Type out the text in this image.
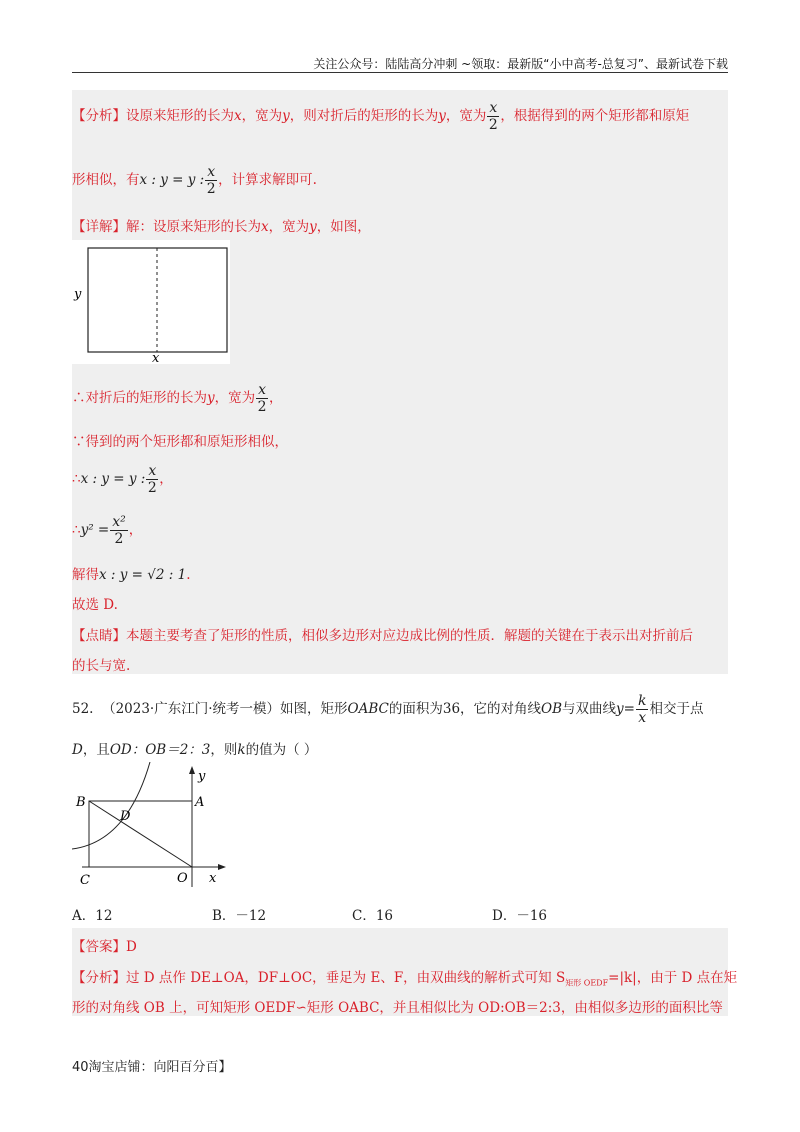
关注公众号：陆陆高分冲刺 ~领取：最新版“小中高考-总复习”、最新试卷下载
【分析】设原来矩形的长为x，宽为y，则对折后的矩形的长为y，宽为 $\frac{x}{2}$ ，根据得到的两个矩形都和原矩
形相似，有x : y = y : $\frac{x}{2}$ ，计算求解即可.
【详解】解：设原来矩形的长为x，宽为y，如图，
y
x
∴对折后的矩形的长为y，宽为 $\frac{x}{2}$ ，
∵得到的两个矩形都和原矩形相似，
∴x : y = y : $\frac{x}{2}$ ，
∴y² = $\frac{\text{x²}}{2}$ ，
解得x : y = √2 : 1.
故选 D.
【点睛】本题主要考查了矩形的性质，相似多边形对应边成比例的性质．解题的关键在于表示出对折前后
的长与宽.
52. （2023·广东江门·统考一模）如图，矩形OABC的面积为36，它的对角线OB与双曲线$y= \frac{k}{x}$ 相交于点
D，且OD：OB＝2：3，则k的值为（ ）
B	A
D
C	O x
y
A．12	B．－12	C．16	D．－16
【答案】D
【分析】过 D 点作 DE⊥OA，DF⊥OC，垂足为 E、F，由双曲线的解析式可知 $S_{矩形 OEDF}=|k|$，由于 D 点在矩
形的对角线 OB 上，可知矩形 OEDF∽矩形 OABC，并且相似比为 OD:OB＝2:3，由相似多边形的面积比等
40淘宝店铺：向阳百分百】
